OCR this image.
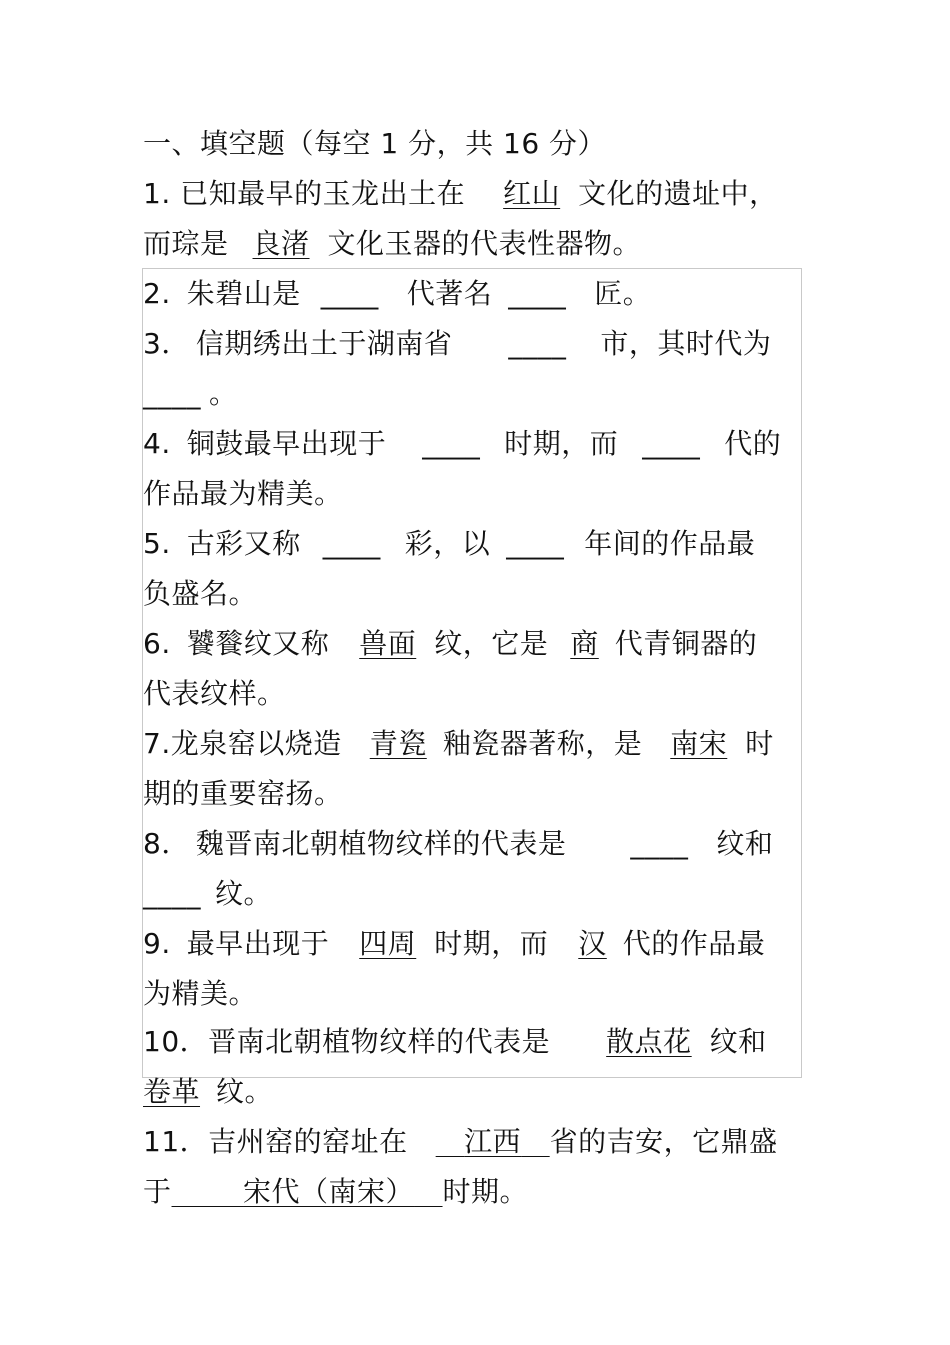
一、填空题（每空 1 分，共 16 分）
1. 已知最早的玉龙出土在 红山 文化的遗址中，
而琮是 良渚 文化玉器的代表性器物。
2. 朱碧山是 ____ 代著名 ____ 匠。
3． 信期绣出土于湖南省 ____ 市，其时代为
____ 。
4. 铜鼓最早出现于 ____ 时期，而 ____ 代的
作品最为精美。
5. 古彩又称 ____ 彩，以 ____ 年间的作品最
负盛名。
6. 饕餮纹又称 兽面 纹，它是 商 代青铜器的
代表纹样。
7.龙泉窑以烧造 青瓷 釉瓷器著称，是 南宋 时
期的重要窑扬。
8． 魏晋南北朝植物纹样的代表是 ____ 纹和
____ 纹。
9. 最早出现于 四周 时期，而 汉 代的作品最
为精美。
10．晋南北朝植物纹样的代表是 散点花 纹和
卷革 纹。
11．吉州窑的窑址在  江西  省的吉安，它鼎盛
于   	宋代（南宋）  时期。
